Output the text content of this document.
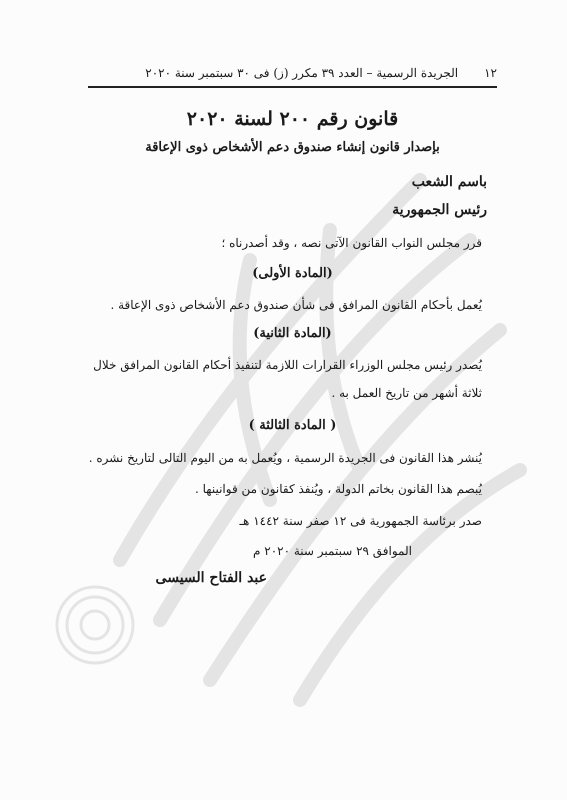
١٢
الجريدة الرسمية – العدد ٣٩ مكرر (ز) فى ٣٠ سبتمبر سنة ٢٠٢٠
قانون رقم ٢٠٠ لسنة ٢٠٢٠
بإصدار قانون إنشاء صندوق دعم الأشخاص ذوى الإعاقة
باسم الشعب
رئيس الجمهورية
قرر مجلس النواب القانون الآتى نصه ، وقد أصدرناه ؛
(المادة الأولى)
يُعمل بأحكام القانون المرافق فى شأن صندوق دعم الأشخاص ذوى الإعاقة .
(المادة الثانية)
يُصدر رئيس مجلس الوزراء القرارات اللازمة لتنفيذ أحكام القانون المرافق خلال
ثلاثة أشهر من تاريخ العمل به .
( المادة الثالثة )
يُنشر هذا القانون فى الجريدة الرسمية ، ويُعمل به من اليوم التالى لتاريخ نشره .
يُبصم هذا القانون بخاتم الدولة ، ويُنفذ كقانون من قوانينها .
صدر برئاسة الجمهورية فى ١٢ صفر سنة ١٤٤٢ هـ
الموافق ٢٩ سبتمبر سنة ٢٠٢٠ م
عبد الفتاح السيسى
